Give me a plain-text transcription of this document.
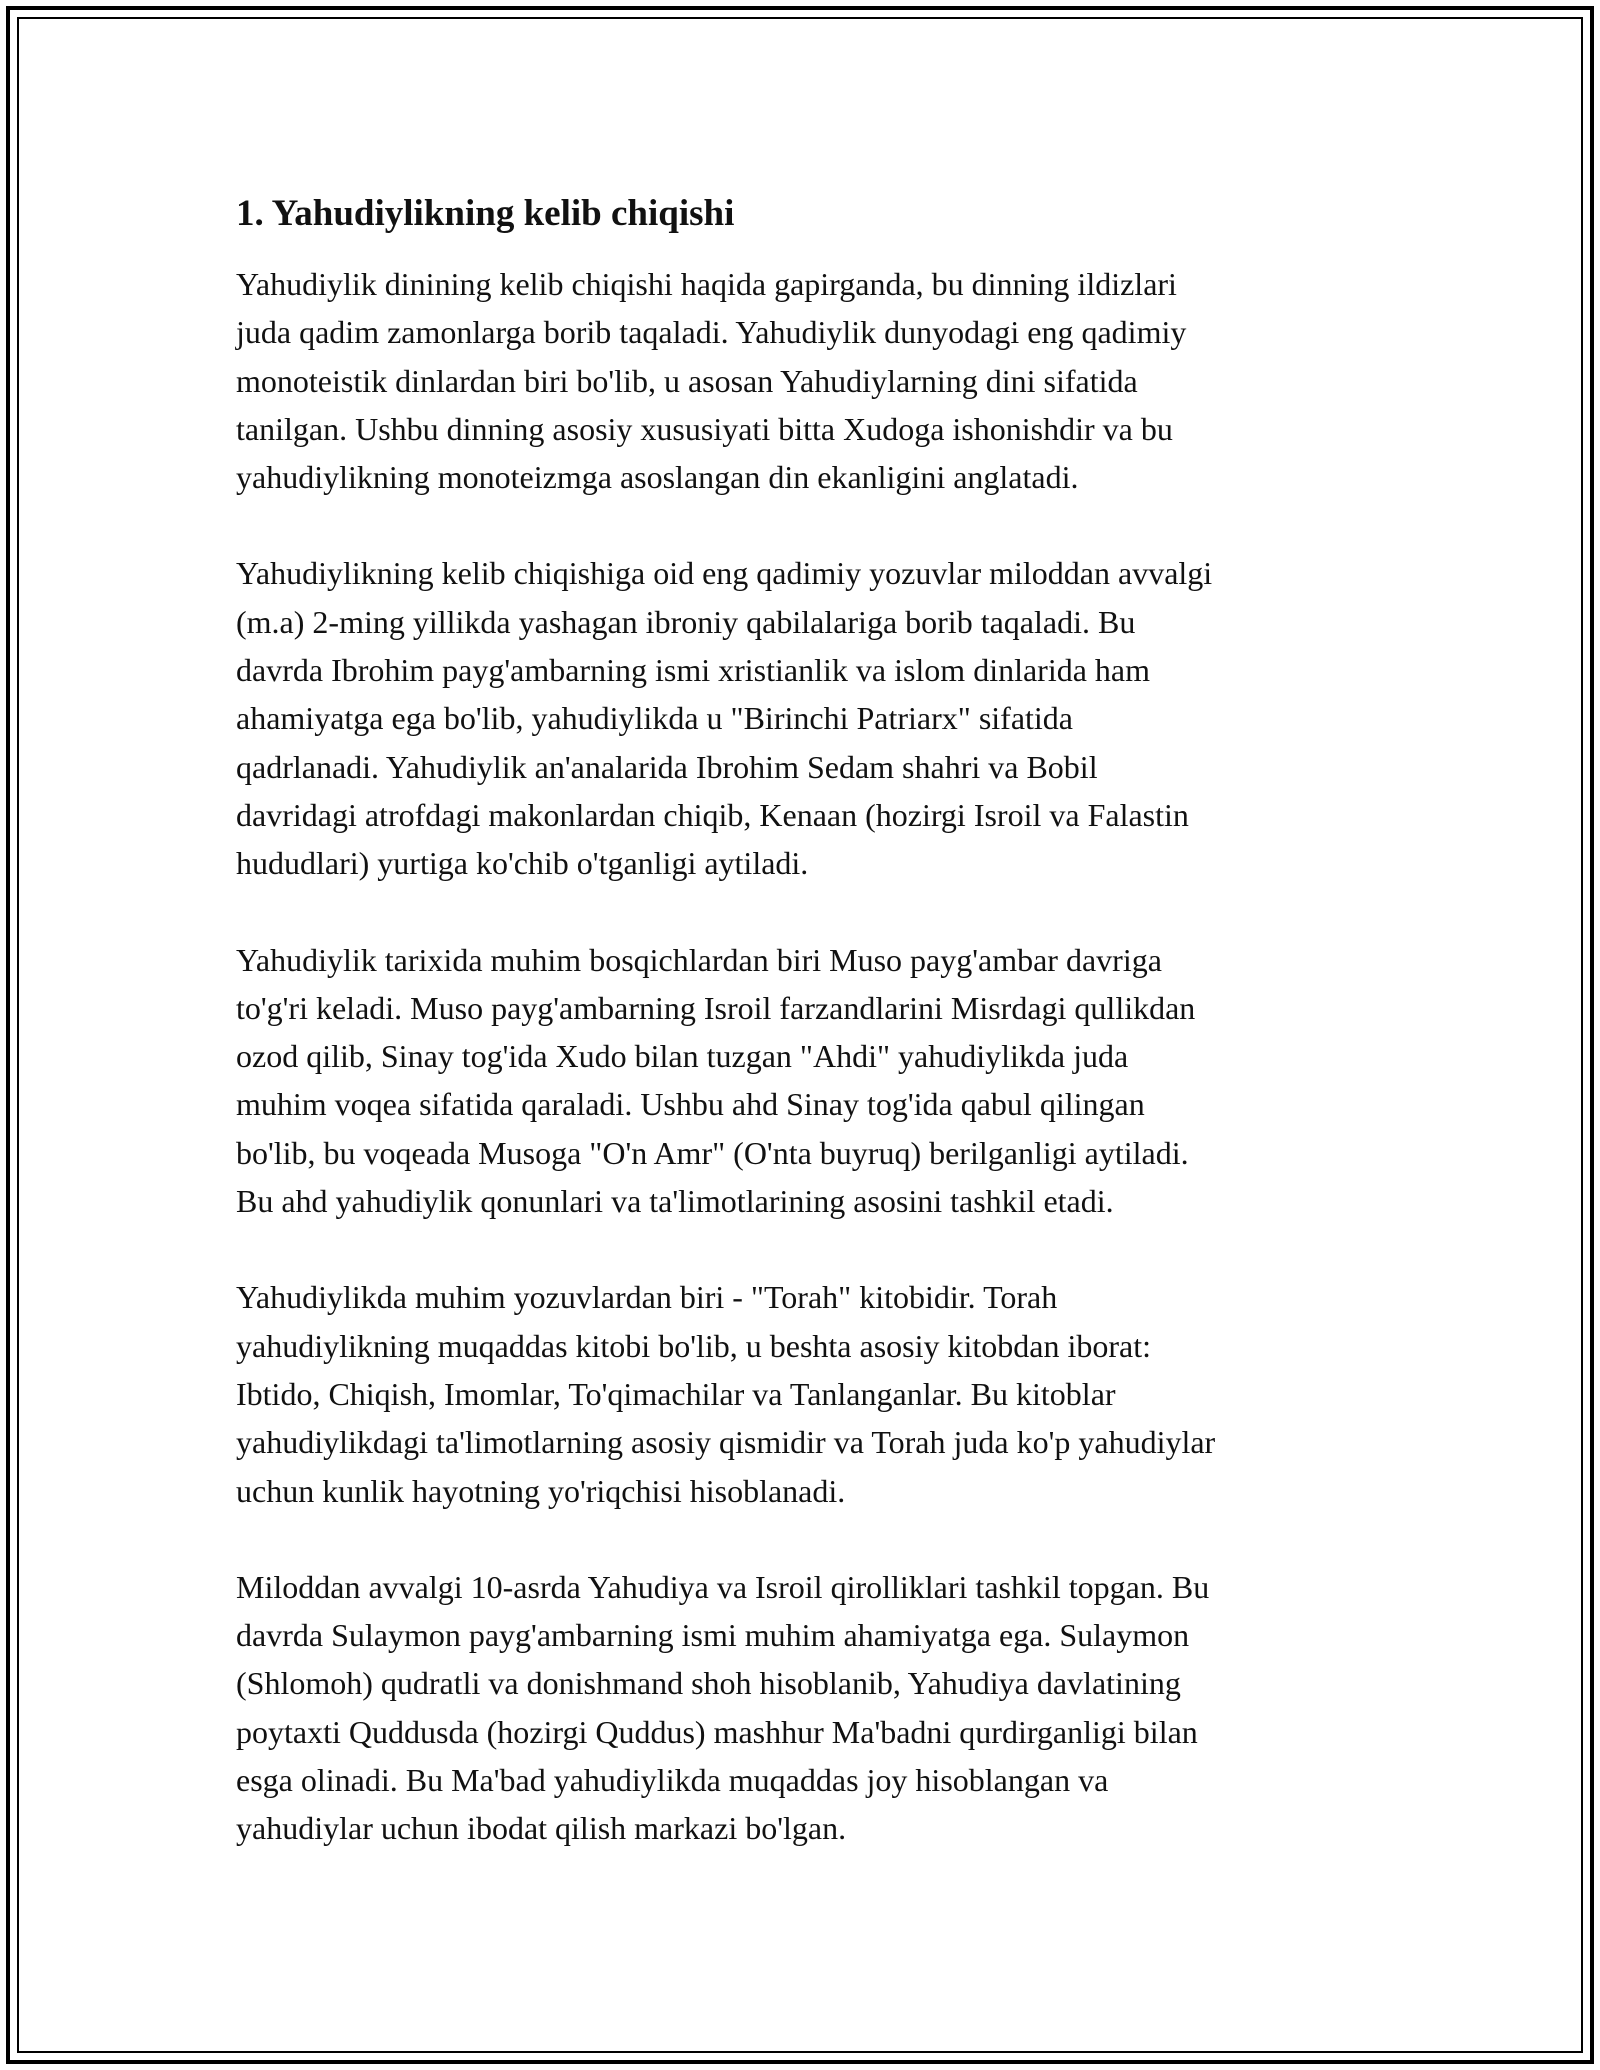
1. Yahudiylikning kelib chiqishi
Yahudiylik dinining kelib chiqishi haqida gapirganda, bu dinning ildizlari
juda qadim zamonlarga borib taqaladi. Yahudiylik dunyodagi eng qadimiy
monoteistik dinlardan biri bo'lib, u asosan Yahudiylarning dini sifatida
tanilgan. Ushbu dinning asosiy xususiyati bitta Xudoga ishonishdir va bu
yahudiylikning monoteizmga asoslangan din ekanligini anglatadi.
Yahudiylikning kelib chiqishiga oid eng qadimiy yozuvlar miloddan avvalgi
(m.a) 2-ming yillikda yashagan ibroniy qabilalariga borib taqaladi. Bu
davrda Ibrohim payg'ambarning ismi xristianlik va islom dinlarida ham
ahamiyatga ega bo'lib, yahudiylikda u "Birinchi Patriarx" sifatida
qadrlanadi. Yahudiylik an'analarida Ibrohim Sedam shahri va Bobil
davridagi atrofdagi makonlardan chiqib, Kenaan (hozirgi Isroil va Falastin
hududlari) yurtiga ko'chib o'tganligi aytiladi.
Yahudiylik tarixida muhim bosqichlardan biri Muso payg'ambar davriga
to'g'ri keladi. Muso payg'ambarning Isroil farzandlarini Misrdagi qullikdan
ozod qilib, Sinay tog'ida Xudo bilan tuzgan "Ahdi" yahudiylikda juda
muhim voqea sifatida qaraladi. Ushbu ahd Sinay tog'ida qabul qilingan
bo'lib, bu voqeada Musoga "O'n Amr" (O'nta buyruq) berilganligi aytiladi.
Bu ahd yahudiylik qonunlari va ta'limotlarining asosini tashkil etadi.
Yahudiylikda muhim yozuvlardan biri - "Torah" kitobidir. Torah
yahudiylikning muqaddas kitobi bo'lib, u beshta asosiy kitobdan iborat:
Ibtido, Chiqish, Imomlar, To'qimachilar va Tanlanganlar. Bu kitoblar
yahudiylikdagi ta'limotlarning asosiy qismidir va Torah juda ko'p yahudiylar
uchun kunlik hayotning yo'riqchisi hisoblanadi.
Miloddan avvalgi 10-asrda Yahudiya va Isroil qirolliklari tashkil topgan. Bu
davrda Sulaymon payg'ambarning ismi muhim ahamiyatga ega. Sulaymon
(Shlomoh) qudratli va donishmand shoh hisoblanib, Yahudiya davlatining
poytaxti Quddusda (hozirgi Quddus) mashhur Ma'badni qurdirganligi bilan
esga olinadi. Bu Ma'bad yahudiylikda muqaddas joy hisoblangan va
yahudiylar uchun ibodat qilish markazi bo'lgan.
